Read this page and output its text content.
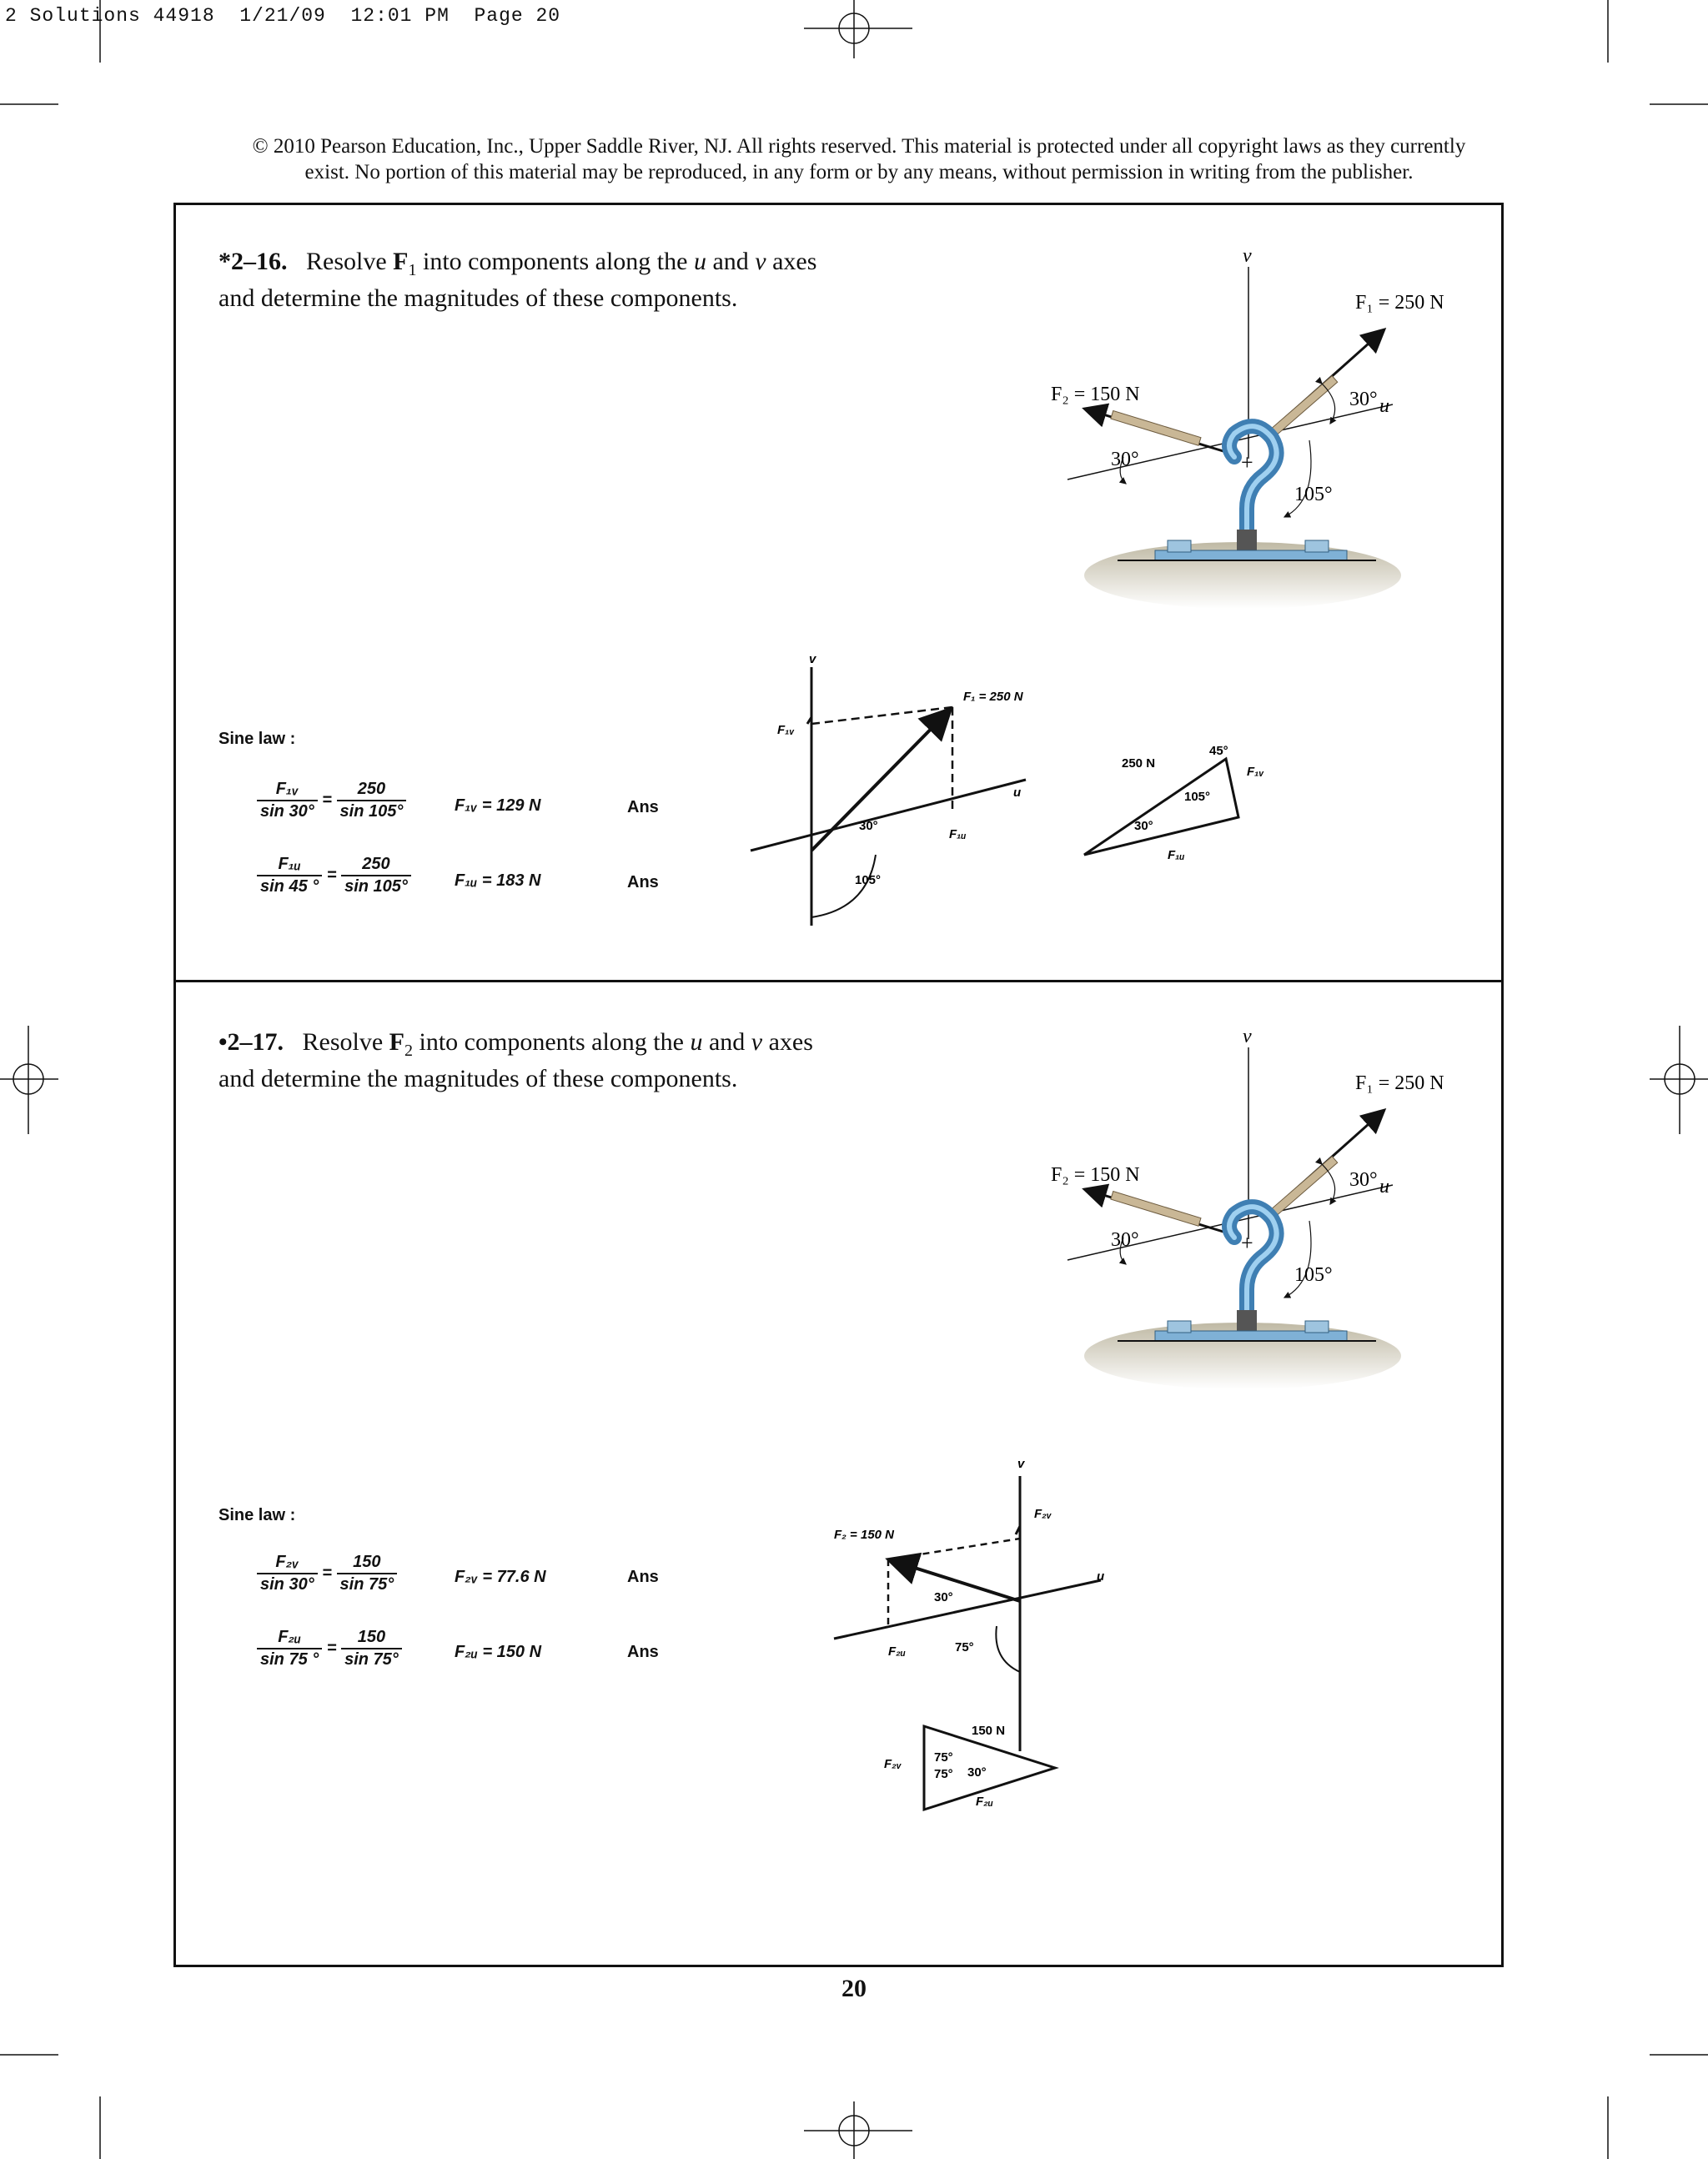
2 Solutions 44918  1/21/09  12:01 PM  Page 20
© 2010 Pearson Education, Inc., Upper Saddle River, NJ. All rights reserved. This material is protected under all copyright laws as they currently
exist. No portion of this material may be reproduced, in any form or by any means, without permission in writing from the publisher.
*2–16. Resolve $F_1$ into components along the u and v axes
and determine the magnitudes of these components.
v
u
F₁ = 250 N
F₂ = 150 N	30°
30°
105°
+
Sine law :
$\frac{\text{F₁ᵥ}}{\sin 30^\circ} = \frac{250}{\sin 105^\circ}$	F₁ᵥ = 129 N	Ans
$\frac{\text{F₁ᵤ}}{\sin 45 ^\circ} = \frac{250}{\sin 105^\circ}$	F₁ᵤ = 183 N	Ans
v
u
F₁ = 250 N
F₁ᵥ
F₁ᵤ
30°
105°
250 N
45°
105°
30°
F₁ᵥ
F₁ᵤ
•2–17. Resolve $F_2$ into components along the u and v axes
and determine the magnitudes of these components.
v
u
F₁ = 250 N
F₂ = 150 N	30°
30°
105°
+
Sine law :
$\frac{\text{F₂ᵥ}}{\sin 30^\circ} = \frac{150}{\sin 75^\circ}$	F₂ᵥ = 77.6 N	Ans
$\frac{\text{F₂ᵤ}}{\sin 75 ^\circ} = \frac{150}{\sin 75^\circ}$	F₂ᵤ = 150 N	Ans
v
u
F₂ = 150 N
F₂ᵥ
F₂ᵤ
30°
75°
150 N
75°
75° 30°
F₂ᵥ
F₂ᵤ
20
